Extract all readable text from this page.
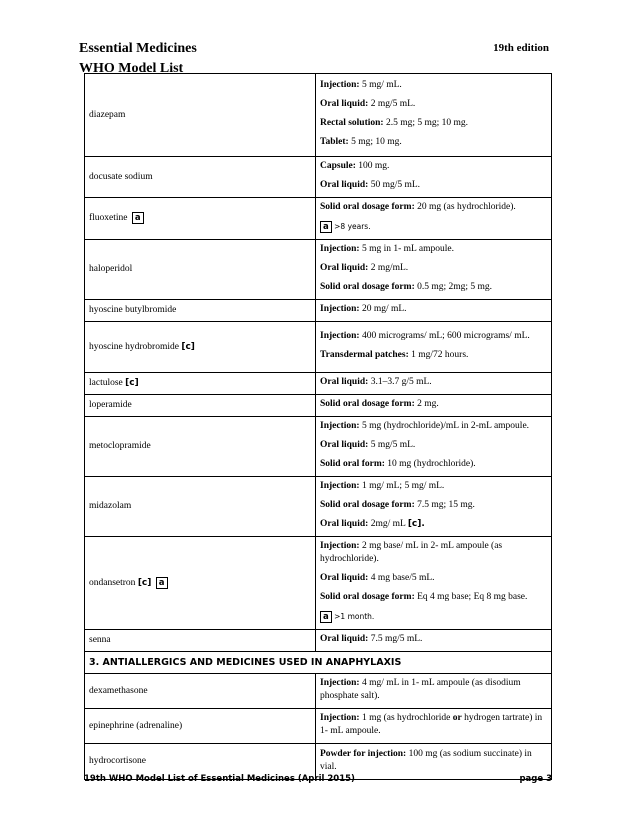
Essential Medicines
WHO Model List
19th edition
diazepam	Injection: 5 mg/ mL.

Oral liquid: 2 mg/5 mL.

Rectal solution: 2.5 mg; 5 mg; 10 mg.

Tablet: 5 mg; 10 mg.

docusate sodium	Capsule: 100 mg.

Oral liquid: 50 mg/5 mL.

fluoxetine a	Solid oral dosage form: 20 mg (as hydrochloride).

a >8 years.

haloperidol	Injection: 5 mg in 1- mL ampoule.

Oral liquid: 2 mg/mL.

Solid oral dosage form: 0.5 mg; 2mg; 5 mg.

hyoscine butylbromide	Injection: 20 mg/ mL.

hyoscine hydrobromide [c]	Injection: 400 micrograms/ mL; 600 micrograms/ mL.

Transdermal patches: 1 mg/72 hours.

lactulose [c]	Oral liquid: 3.1–3.7 g/5 mL.

loperamide	Solid oral dosage form: 2 mg.

metoclopramide	Injection: 5 mg (hydrochloride)/mL in 2-mL ampoule.

Oral liquid: 5 mg/5 mL.

Solid oral form: 10 mg (hydrochloride).

midazolam	Injection: 1 mg/ mL; 5 mg/ mL.

Solid oral dosage form: 7.5 mg; 15 mg.

Oral liquid: 2mg/ mL [c].

ondansetron [c] a	Injection: 2 mg base/ mL in 2- mL ampoule (as hydrochloride).

Oral liquid: 4 mg base/5 mL.

Solid oral dosage form: Eq 4 mg base; Eq 8 mg base.

a >1 month.

senna	Oral liquid: 7.5 mg/5 mL.

3. ANTIALLERGICS AND MEDICINES USED IN ANAPHYLAXIS	
dexamethasone	Injection: 4 mg/ mL in 1- mL ampoule (as disodium phosphate salt).

epinephrine (adrenaline)	Injection: 1 mg (as hydrochloride or hydrogen tartrate) in 1- mL ampoule.

hydrocortisone	Powder for injection: 100 mg (as sodium succinate) in vial.

19th WHO Model List of Essential Medicines (April 2015)	page 3
